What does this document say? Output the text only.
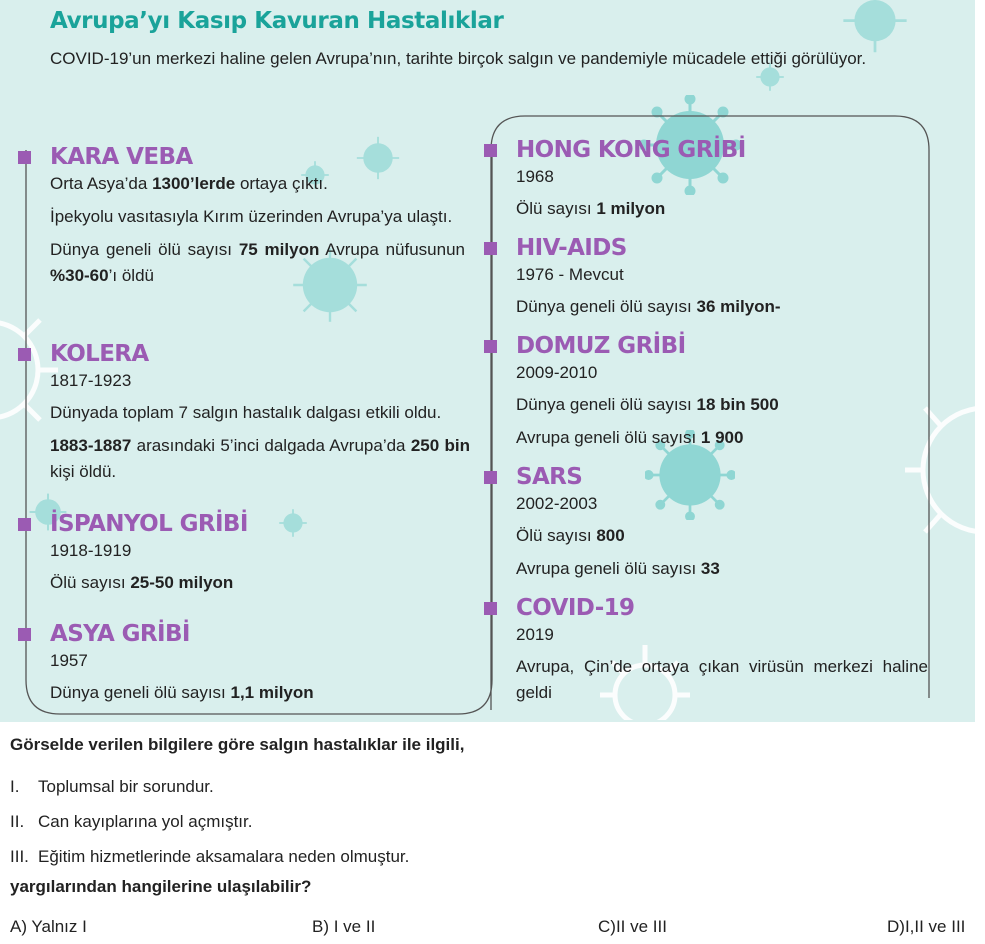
Avrupa’yı Kasıp Kavuran Hastalıklar
COVID-19’un merkezi haline gelen Avrupa’nın, tarihte birçok salgın ve pandemiyle mücadele ettiği görülüyor.
KARA VEBA

Orta Asya’da 1300’lerde ortaya çıktı.

İpekyolu vasıtasıyla Kırım üzerinden Avrupa’ya ulaştı.

Dünya geneli ölü sayısı 75 milyon Avrupa nüfusunun %30-60’ı öldü

KOLERA

1817-1923

Dünyada toplam 7 salgın hastalık dalgası etkili oldu.

1883-1887 arasındaki 5’inci dalgada Avrupa’da 250 bin kişi öldü.

İSPANYOL GRİBİ

1918-1919

Ölü sayısı 25-50 milyon

ASYA GRİBİ

1957

Dünya geneli ölü sayısı 1,1 milyon

HONG KONG GRİBİ

1968

Ölü sayısı 1 milyon

HIV-AIDS

1976 - Mevcut

Dünya geneli ölü sayısı 36 milyon-

DOMUZ GRİBİ

2009-2010

Dünya geneli ölü sayısı 18 bin 500

Avrupa geneli ölü sayısı 1 900

SARS

2002-2003

Ölü sayısı 800

Avrupa geneli ölü sayısı 33

COVID-19

2019

Avrupa, Çin’de ortaya çıkan virüsün merkezi haline geldi

Görselde verilen bilgilere göre salgın hastalıklar ile ilgili,
I. Toplumsal bir sorundur.
II. Can kayıplarına yol açmıştır.
III. Eğitim hizmetlerinde aksamalara neden olmuştur.
yargılarından hangilerine ulaşılabilir?
A) Yalnız I	B) I ve II	C)II ve III	D)I,II ve III
